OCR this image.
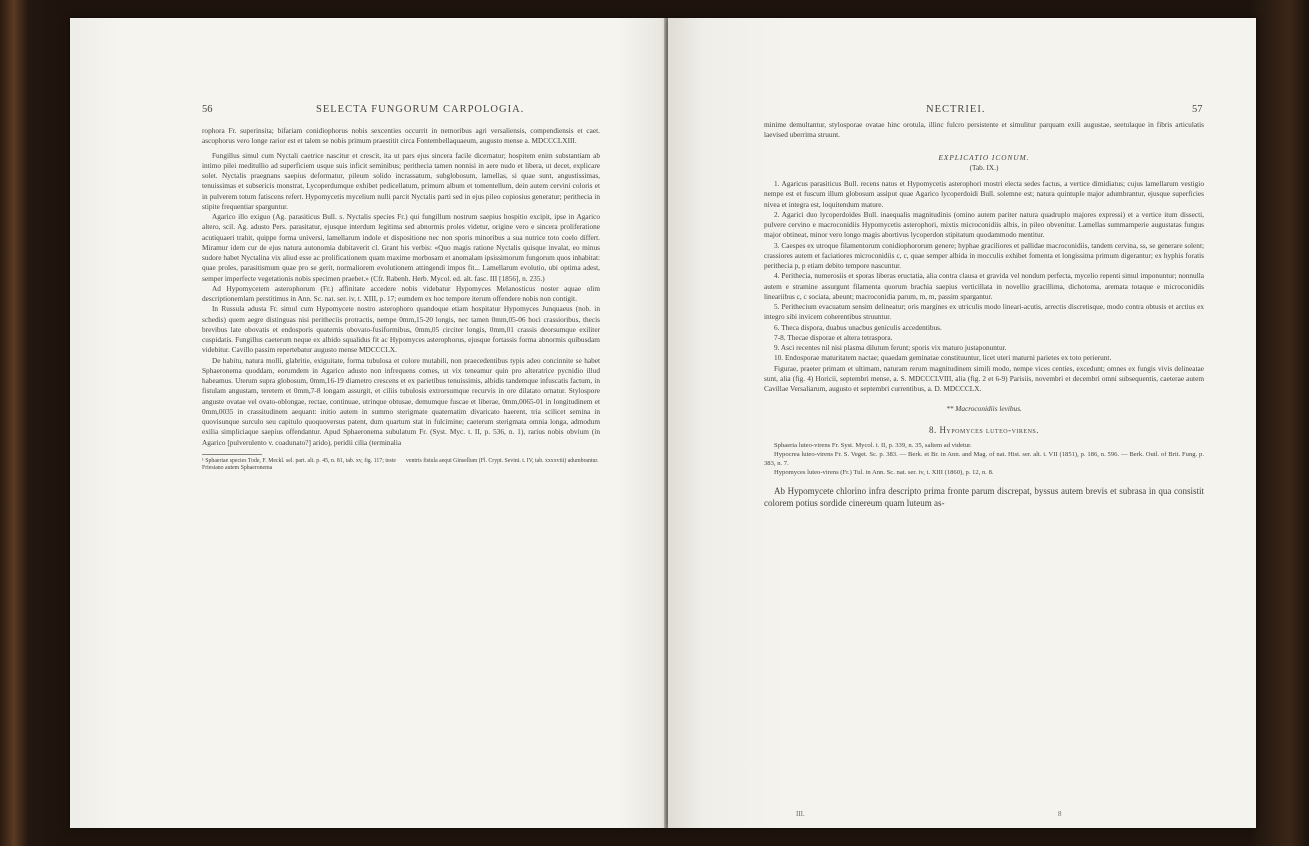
56	SELECTA FUNGORUM CARPOLOGIA.

rophora Fr. superinsita; bifariam conidiophorus nobis sexcenties occurrit in nemoribus agri versaliensis, compendiensis et caet. ascophorus vero longe rarior est et talem se nobis primum praestitit circa Fontembellaquaeum, augusto mense a. MDCCCLXIII.

Fungillus simul cum Nyctali caetrice nascitur et crescit, ita ut pars ejus sincera facile dicernatur; hospitem enim substantiam ab intimo pilei meditullio ad superficiem usque suis inficit seminibus; perithecia tamen nonnisi in aere nudo et libera, ut decet, explicare solet. Nyctalis praegnans saepius deformatur, pileum solido incrassatum, subglobosum, lamellas, si quae sunt, angustissimas, tenuissimas et subsericis monstrat, Lycoperdumque exhibet pedicellatum, primum album et tomentellum, dein autem cervini coloris et in pulverem totum fatiscens refert. Hypomycetis mycelium nulli parcit Nyctalis parti sed in ejus pileo copiosius generatur; perithecia in stipite frequentiar sparguntur.

Agarico illo exiguo (Ag. parasiticus Bull. s. Nyctalis species Fr.) qui fungillum nostrum saepius hospitio excipit, ipse in Agarico altero, scil. Ag. adusto Pers. parasitatur, ejusque interdum legitima sed abnormis proles videtur, origine vero e sincera proliferatione acutiquaeri trahit, quippe forma universi, lamellarum indole et dispositione nec non sporis minoribus a sua nutrice toto coelo differt. Miramur idem cur de ejus natura autonomia dubitaverit cl. Grant his verbis: «Quo magis ratione Nyctalis quisque invalat, eo minus sudore habet Nyctalina vix aliud esse ac prolificationem quam maxime morbosam et anomalam ipsissimorum fungorum quos inhabitat: quae proles, parasitismum quae pro se gerit, normaliorem evolutionem attingendi impos fit... Lamellarum evolutio, ubi optima adest, semper imperfecte vegetationis nobis specimen praebet.» (Cfr. Rabenh. Herb. Mycol. ed. alt. fasc. III [1856], n. 235.)

Ad Hypomycetem asterophorum (Fr.) affinitate accedere nobis videbatur Hypomyces Melanosticus noster aquae olim descriptionemlam perstitimus in Ann. Sc. nat. ser. iv, t. XIII, p. 17; eumdem ex hoc tempore iterum offendere nobis non contigit.

In Russula adusta Fr. simul cum Hypomycete nostro asterophoro quandoque etiam hospitatur Hypomyces Junquaeus (nob. in schedis) quem aegre distinguas nisi peritheciis protractis, nempe 0mm,15-20 longis, nec tamen 0mm,05-06 hoci crassioribus, thecis brevibus late obovatis et endosporis quaternis obovato-fusiformibus, 0mm,05 circiter longis, 0mm,01 crassis deorsumque exiliter cuspidatis. Fungillus caeterum neque ex albido squalidus fit ac Hypomyces asterophorus, ejusque fortassis forma abnormis quibusdam videbitur. Cavillo passim repertebatur augusto mense MDCCCLX.

De habitu, natura molli, glabritie, exiguitate, forma tubulosa et colore mutabili, non praecedentibus typis adeo concinnite se habet Sphaeronema quoddam, eorumdem in Agarico adusto non infrequens comes, ut vix teneamur quin pro alteratrice pycnidio illud habeamus. Uterum supra globosum, 0mm,16-19 diametro crescens et ex parietibus tenuissimis, albidis tandemque infuscatis factum, in fistulam angustam, teretem et 0mm,7-8 longam assurgit, et ciliis tubulosis extrorsumque recurvis in ore dilatato ornatur. Stylospore anguste ovatae vel ovato-oblongae, rectae, continuae, utrinque obtusae, demumque fuscae et liberae, 0mm,0065-01 in longitudinem et 0mm,0035 in crassitudinem aequant: initio autem in summo sterigmate quaternatim divaricato haerent, tria scilicet semina in quovisunque surculo seu capitulo quoquoversus patent, dum quartum stat in fulcimine; caeterum sterigmata omnia longa, admodum exilia simpliciaque saepius offendantur. Apud Sphaeronema subulatum Fr. (Syst. Myc. t. II, p. 536, n. 1), rarius nobis obvium (in Agarico [pulverulento v. coadunato?] arido), peridii cilia (terminalia

¹ Sphaeriae species Tode, F. Meckl. sel. part. alt. p. 45, n. 81, tab. xv, fig. 117; teste Friesiano autem Sphaeronema
ventris fistula aequi Ginsellum (Fl. Crypt. Sevini. t. IV, tab. xxxxviii) adumbrantur.
NECTRIEI.	57

minime demultantur, stylosporae ovatae hinc orotula, illinc fulcro persistente et simulitur parquam exili augustae, seetulaque in fibris articulatis laevised uberrima struunt.

EXPLICATIO ICONUM.

(Tab. IX.)

1. Agaricus parasiticus Bull. recens natus et Hypomycetis asterophori mostri electa sedes factus, a vertice dimidiatus; cujus lamellarum vestigio nempe est et fuscum illum globosum assiput quae Agarico lycoperdoidi Bull. solemne est; natura quintuple major adumbrantur, ejusque superficies nivea et integra est, loquitendum mature.

2. Agarici duo lycoperdoides Bull. inaequalis magnitudinis (omino autem pariter natura quadruplo majores expressi) et a vertice itum dissecti, pulvere cervino e macroconidiis Hypomycetis asterophori, mixtis microconidiis albis, in pileo obvenitur. Lamellas summamperie augustatas fungus major obtineat, minor vero longo magis abortivus lycoperdon stipitatum quodammodo mentitur.

3. Caespes ex utroque filamentorum conidiophororum genere; hyphae graciliores et pallidae macroconidiis, tandem cervina, ss, se generare solent; crassiores autem et faciatiores microconidiis c, c, quae semper albida in mocculis exhibet fomenta et longissima primum digerantur; ex hyphis foratis perithecia p, p etiam debito tempore nascuntur.

4. Perithecia, numerosiis et sporas liberas eructatia, alia contra clausa et gravida vel nondum perfecta, mycelio repenti simul imponuntur; nonnulla autem e stramine assurgunt filamenta quorum brachia saepius verticillata in novellio gracillima, dichotoma, aremata totaque e microconidiis lineariibus c, c sociata, abeunt; macroconidia parum, m, m, passim spargantur.

5. Perithecium evacuatum sensim delineatur; oris margines ex utriculis modo lineari-acutis, arrectis discretisque, modo contra obtusis et arctius ex integro sibi invicem coherentibus struuntur.

6. Theca dispora, duabus unacbus geniculis accedentibus.

7-8. Thecae disporae et altera tetraspora.

9. Asci recentes nil nisi plasma dilutum ferunt; sporis vix maturo justaponuntur.

10. Endosporae maturitatem nactae; quaedam geminatae constituuntur, licet uteri maturni parietes ex toto perierunt.

Figurae, praeter primam et ultimam, naturam rerum magnitudinem simili modo, nempe vices centies, excedunt; omnes ex fungis vivis delineatae sunt, alia (fig. 4) Horicii, septembri mense, a. S. MDCCCLVIII, alia (fig. 2 et 6-9) Parisiis, novembri et decembri omni subsequentis, caeterae autem Cavillae Versaliarum, augusto et septembri currentibus, a. D. MDCCCLX.

** Macroconidiis levibus.

8. Hypomyces luteo-virens.

Sphaeria luteo-virens Fr. Syst. Mycol. t. II, p. 339, n. 35, saltem ad videtur.

Hypocrea luteo-virens Fr. S. Veget. Sc. p. 383. — Berk. et Br. in Ann. and Mag. of nat. Hist. ser. alt. t. VII (1851), p. 186, n. 596. — Berk. Outl. of Brit. Fung. p. 383, n. 7.

Hypomyces luteo-virens (Fr.) Tul. in Ann. Sc. nat. ser. iv, t. XIII (1860), p. 12, n. 8.

Ab Hypomycete chlorino infra descripto prima fronte parum discrepat, byssus autem brevis et subrasa in qua consistit colorem potius sordide cinereum quam luteum as-

III.	8
